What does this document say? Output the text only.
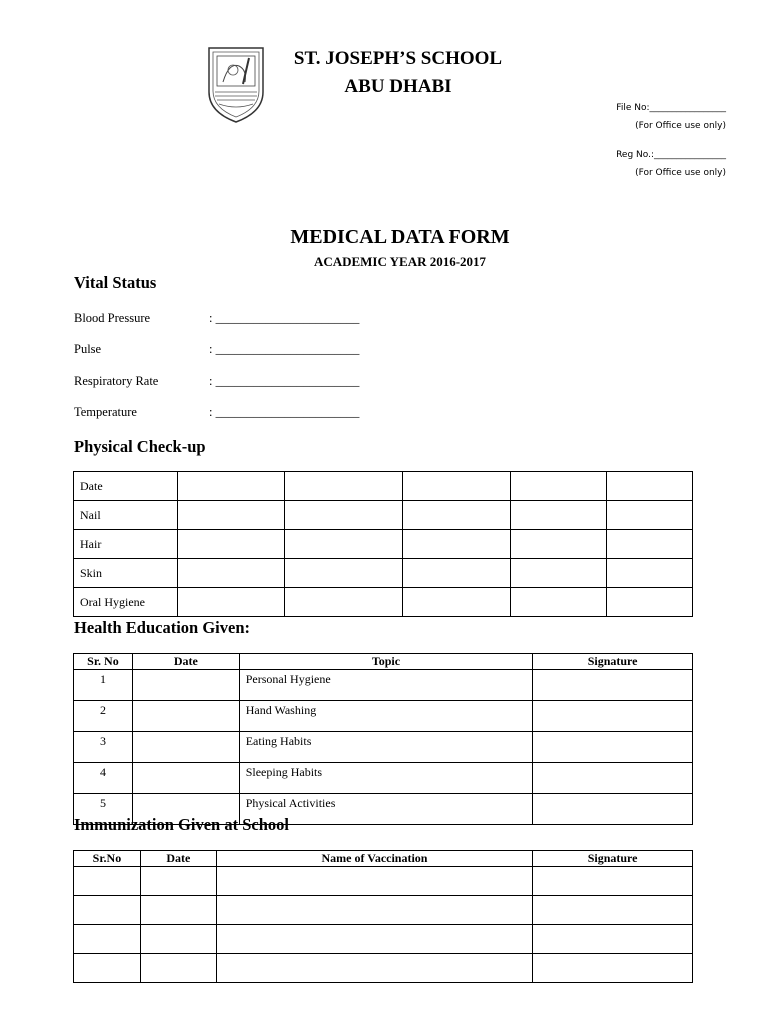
ST. JOSEPH’S SCHOOL
ABU DHABI
File No:_________________
(For Office use only)
Reg No.:________________
(For Office use only)
MEDICAL DATA FORM
ACADEMIC YEAR 2016-2017
Vital Status
Blood Pressure	: _______________________
Pulse	: _______________________
Respiratory Rate	: _______________________
Temperature	: _______________________
Physical Check-up
Date					
Nail					
Hair					
Skin					
Oral Hygiene					
Health Education Given:
Sr. No	Date	Topic	Signature
1		Personal Hygiene	
2		Hand Washing	
3		Eating Habits	
4		Sleeping Habits	
5		Physical Activities	
Immunization Given at School
Sr.No	Date	Name of Vaccination	Signature
